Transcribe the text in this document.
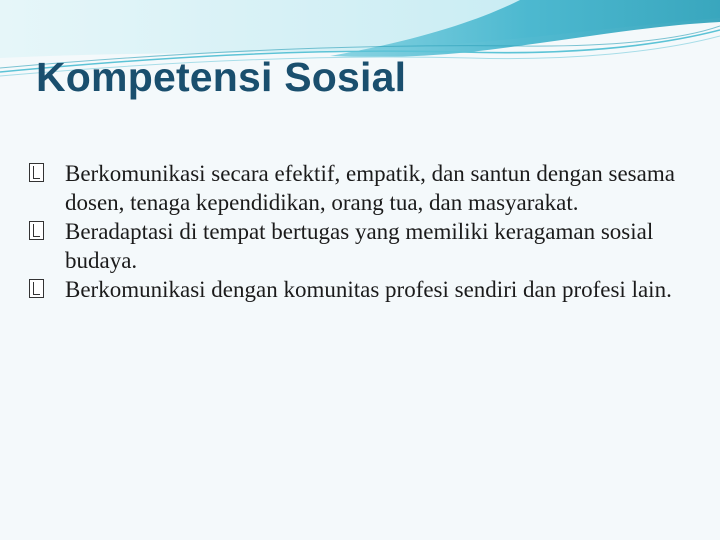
Kompetensi Sosial
Berkomunikasi secara efektif, empatik, dan santun dengan sesama dosen, tenaga kependidikan, orang tua, dan masyarakat.
Beradaptasi di tempat bertugas yang memiliki keragaman sosial budaya.
Berkomunikasi dengan komunitas profesi sendiri dan profesi lain.
